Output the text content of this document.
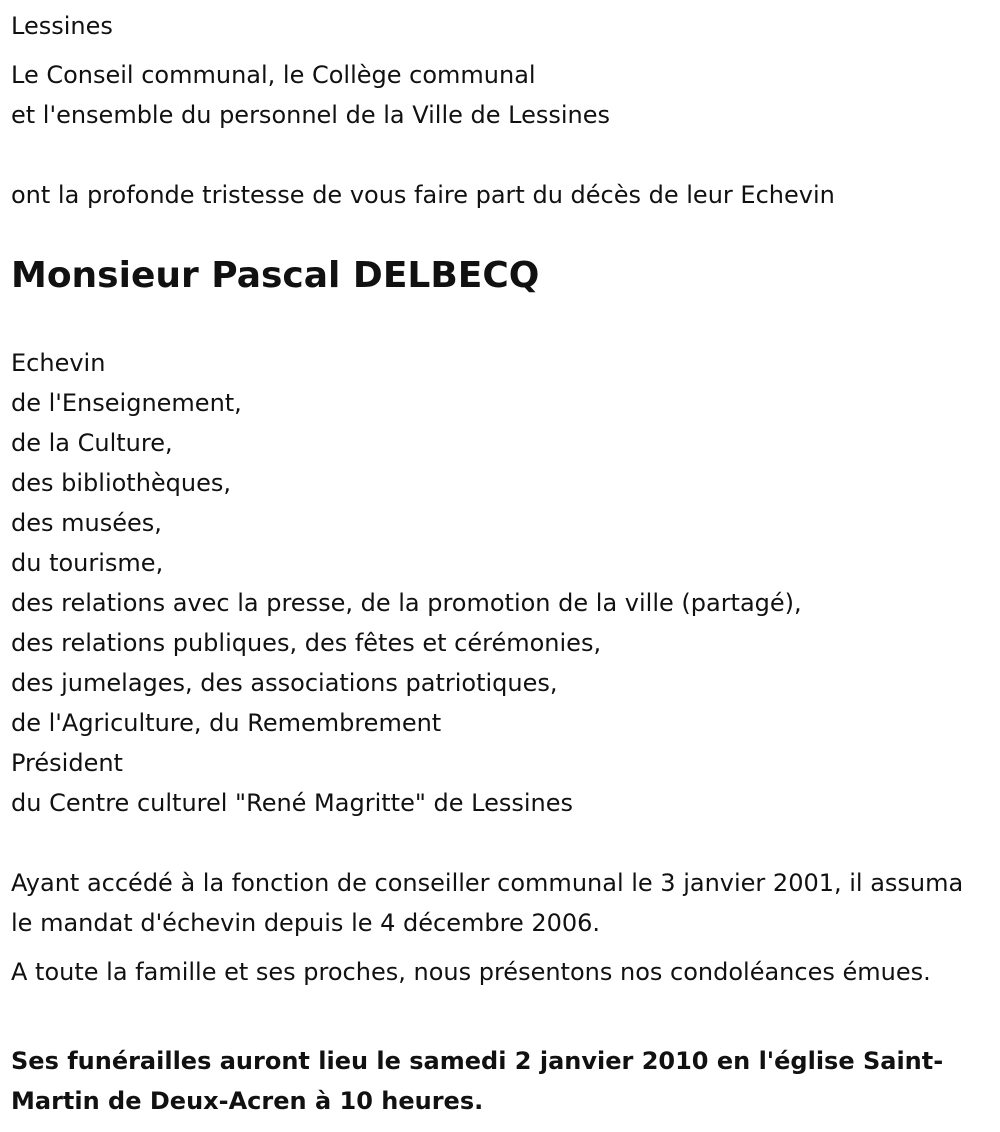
Lessines

Le Conseil communal, le Collège communal

et l'ensemble du personnel de la Ville de Lessines

ont la profonde tristesse de vous faire part du décès de leur Echevin

Monsieur Pascal DELBECQ

Echevin

de l'Enseignement,

de la Culture,

des bibliothèques,

des musées,

du tourisme,

des relations avec la presse, de la promotion de la ville (partagé),

des relations publiques, des fêtes et cérémonies,

des jumelages, des associations patriotiques,

de l'Agriculture, du Remembrement

Président

du Centre culturel "René Magritte" de Lessines

Ayant accédé à la fonction de conseiller communal le 3 janvier 2001, il assuma le mandat d'échevin depuis le 4 décembre 2006.

A toute la famille et ses proches, nous présentons nos condoléances émues.

Ses funérailles auront lieu le samedi 2 janvier 2010 en l'église Saint-Martin de Deux-Acren à 10 heures.
